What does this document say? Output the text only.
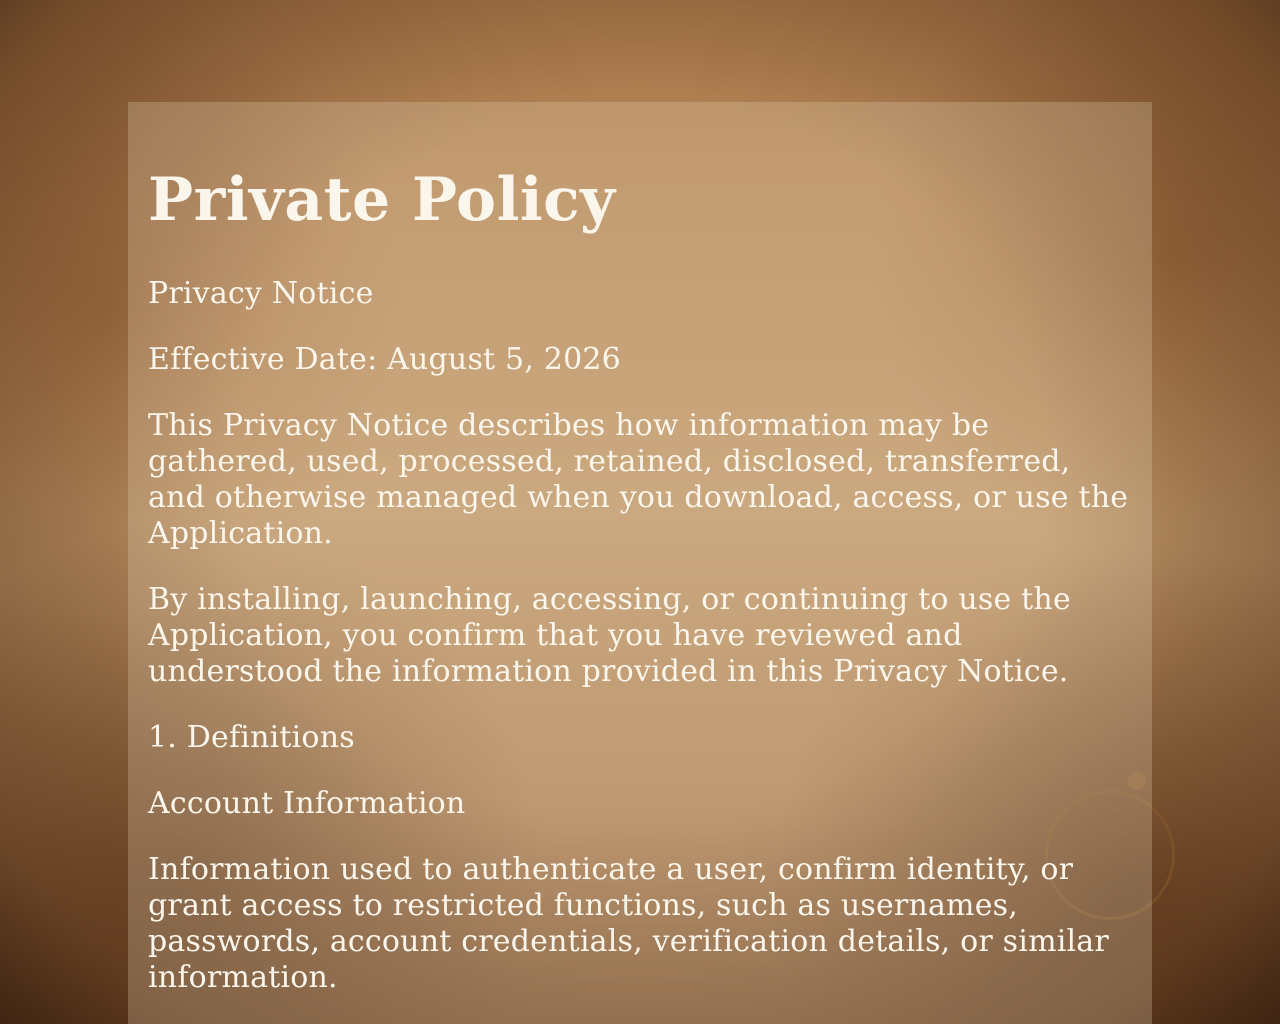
Private Policy

Privacy Notice

Effective Date: August 5, 2026

This Privacy Notice describes how information may be gathered, used, processed, retained, disclosed, transferred, and otherwise managed when you download, access, or use the Application.

By installing, launching, accessing, or continuing to use the Application, you confirm that you have reviewed and understood the information provided in this Privacy Notice.

1. Definitions

Account Information

Information used to authenticate a user, confirm identity, or grant access to restricted functions, such as usernames, passwords, account credentials, verification details, or similar information.
